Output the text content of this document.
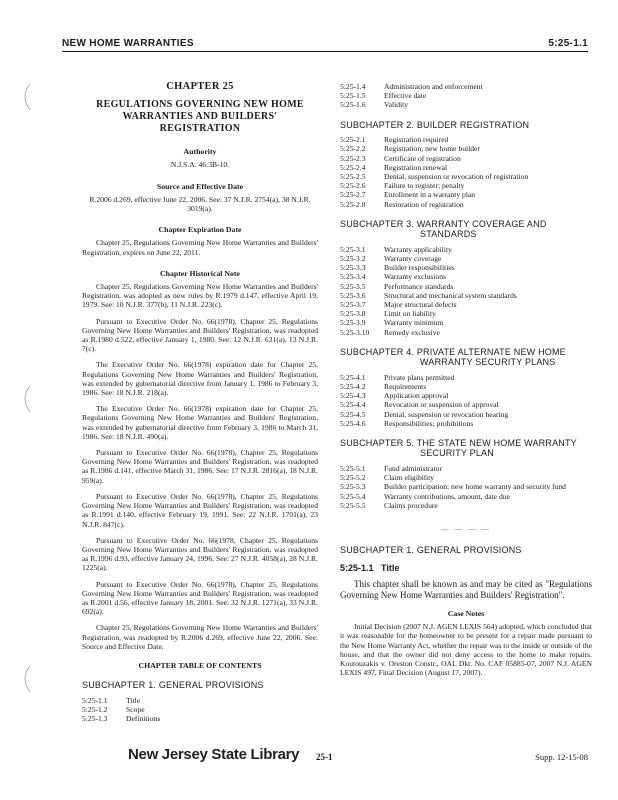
NEW HOME WARRANTIES	5:25-1.1
CHAPTER 25
REGULATIONS GOVERNING NEW HOME WARRANTIES AND BUILDERS' REGISTRATION
Authority
N.J.S.A. 46:3B-10.
Source and Effective Date
R.2006 d.269, effective June 22, 2006. See: 37 N.J.R. 2754(a), 38 N.J.R. 3019(a).
Chapter Expiration Date
Chapter 25, Regulations Governing New Home Warranties and Builders' Registration, expires on June 22, 2011.
Chapter Historical Note
Chapter 25, Regulations Governing New Home Warranties and Builders' Registration, was adopted as new rules by R.1979 d.147, effective April 19, 1979. See: 10 N.J.R. 377(b), 11 N.J.R. 223(c).
Pursuant to Executive Order No. 66(1978), Chapter 25, Regulations Governing New Home Warranties and Builders' Registration, was readopted as R.1980 d.522, effective January 1, 1980. See: 12 N.J.R. 631(a), 13 N.J.R. 7(c).
The Executive Order No. 66(1978) expiration date for Chapter 25, Regulations Governing New Home Warranties and Builders' Registration, was extended by gubernatorial directive from January 1, 1986 to February 3, 1986. See: 18 N.J.R. 218(a).
The Executive Order No. 66(1978) expiration date for Chapter 25, Regulations Governing New Home Warranties and Builders' Registration, was extended by gubernatorial directive from February 3, 1986 to March 31, 1986. See: 18 N.J.R. 490(a).
Pursuant to Executive Order No. 66(1978), Chapter 25, Regulations Governing New Home Warranties and Builders' Registration, was readopted as R.1986 d.141, effective March 31, 1986. See: 17 N.J.R. 2816(a), 18 N.J.R. 959(a).
Pursuant to Executive Order No. 66(1978), Chapter 25, Regulations Governing New Home Warranties and Builders' Registration, was readopted as R.1991 d.140, effective February 19, 1991. See: 22 N.J.R. 1701(a), 23 N.J.R. 847(c).
Pursuant to Executive Order No. 66(1978, Chapter 25, Regulations Governing New Home Warranties and Builders' Registration, was readopted as R.1996 d.93, effective January 24, 1996. See: 27 N.J.R. 4058(a), 28 N.J.R. 1225(a).
Pursuant to Executive Order No. 66(1978), Chapter 25, Regulations Governing New Home Warranties and Builders' Registration, was readopted as R.2001 d.56, effective January 18, 2001. See: 32 N.J.R. 1271(a), 33 N.J.R. 692(a).
Chapter 25, Regulations Governing New Home Warranties and Builders' Registration, was readopted by R.2006 d.269, effective June 22, 2006. See: Source and Effective Date.
CHAPTER TABLE OF CONTENTS
SUBCHAPTER 1. GENERAL PROVISIONS
5:25-1.1	Title
5:25-1.2	Scope
5:25-1.3	Definitions
5:25-1.4	Administration and enforcement
5:25-1.5	Effective date
5:25-1.6	Validity
SUBCHAPTER 2. BUILDER REGISTRATION
5:25-2.1	Registration required
5:25-2.2	Registration; new home builder
5:25-2.3	Certificate of registration
5:25-2.4	Registration renewal
5:25-2.5	Denial, suspension or revocation of registration
5:25-2.6	Failure to register; penalty
5:25-2.7	Enrollment in a warranty plan
5:25-2.8	Restoration of registration
SUBCHAPTER 3. WARRANTY COVERAGE AND
STANDARDS
5:25-3.1	Warranty applicability
5:25-3.2	Warranty coverage
5:25-3.3	Builder responsibilities
5:25-3.4	Warranty exclusions
5:25-3.5	Performance standards
5:25-3.6	Structural and mechanical system standards
5:25-3.7	Major structural defects
5:25-3.8	Limit on liability
5:25-3.9	Warranty minimum
5:25-3.10	Remedy exclusive
SUBCHAPTER 4. PRIVATE ALTERNATE NEW HOME
WARRANTY SECURITY PLANS
5:25-4.1	Private plans permitted
5:25-4.2	Requirements
5:25-4.3	Application approval
5:25-4.4	Revocation or suspension of approval
5:25-4.5	Denial, suspension or revocation hearing
5:25-4.6	Responsibilities; prohibitions
SUBCHAPTER 5. THE STATE NEW HOME WARRANTY
SECURITY PLAN
5:25-5.1	Fund administrator
5:25-5.2	Claim eligibility
5:25-5.3	Builder participation; new home warranty and security fund
5:25-5.4	Warranty contributions, amount, date due
5:25-5.5	Claims procedure
— — — —
SUBCHAPTER 1. GENERAL PROVISIONS
5:25-1.1 Title
This chapter shall be known as and may be cited as "Regulations Governing New Home Warranties and Builders' Registration".
Case Notes
Initial Decision (2007 N.J. AGEN LEXIS 564) adopted, which concluded that it was reasonable for the homeowner to be present for a repair made pursuant to the New Home Warranty Act, whether the repair was to the inside or outside of the house, and that the owner did not deny access to the home to make repairs. Koutouzakis v. Oreston Constr., OAL Dkt. No. CAF 05885-07, 2007 N.J. AGEN LEXIS 497, Final Decision (August 17, 2007).
New Jersey State Library 25-1	Supp. 12-15-08
